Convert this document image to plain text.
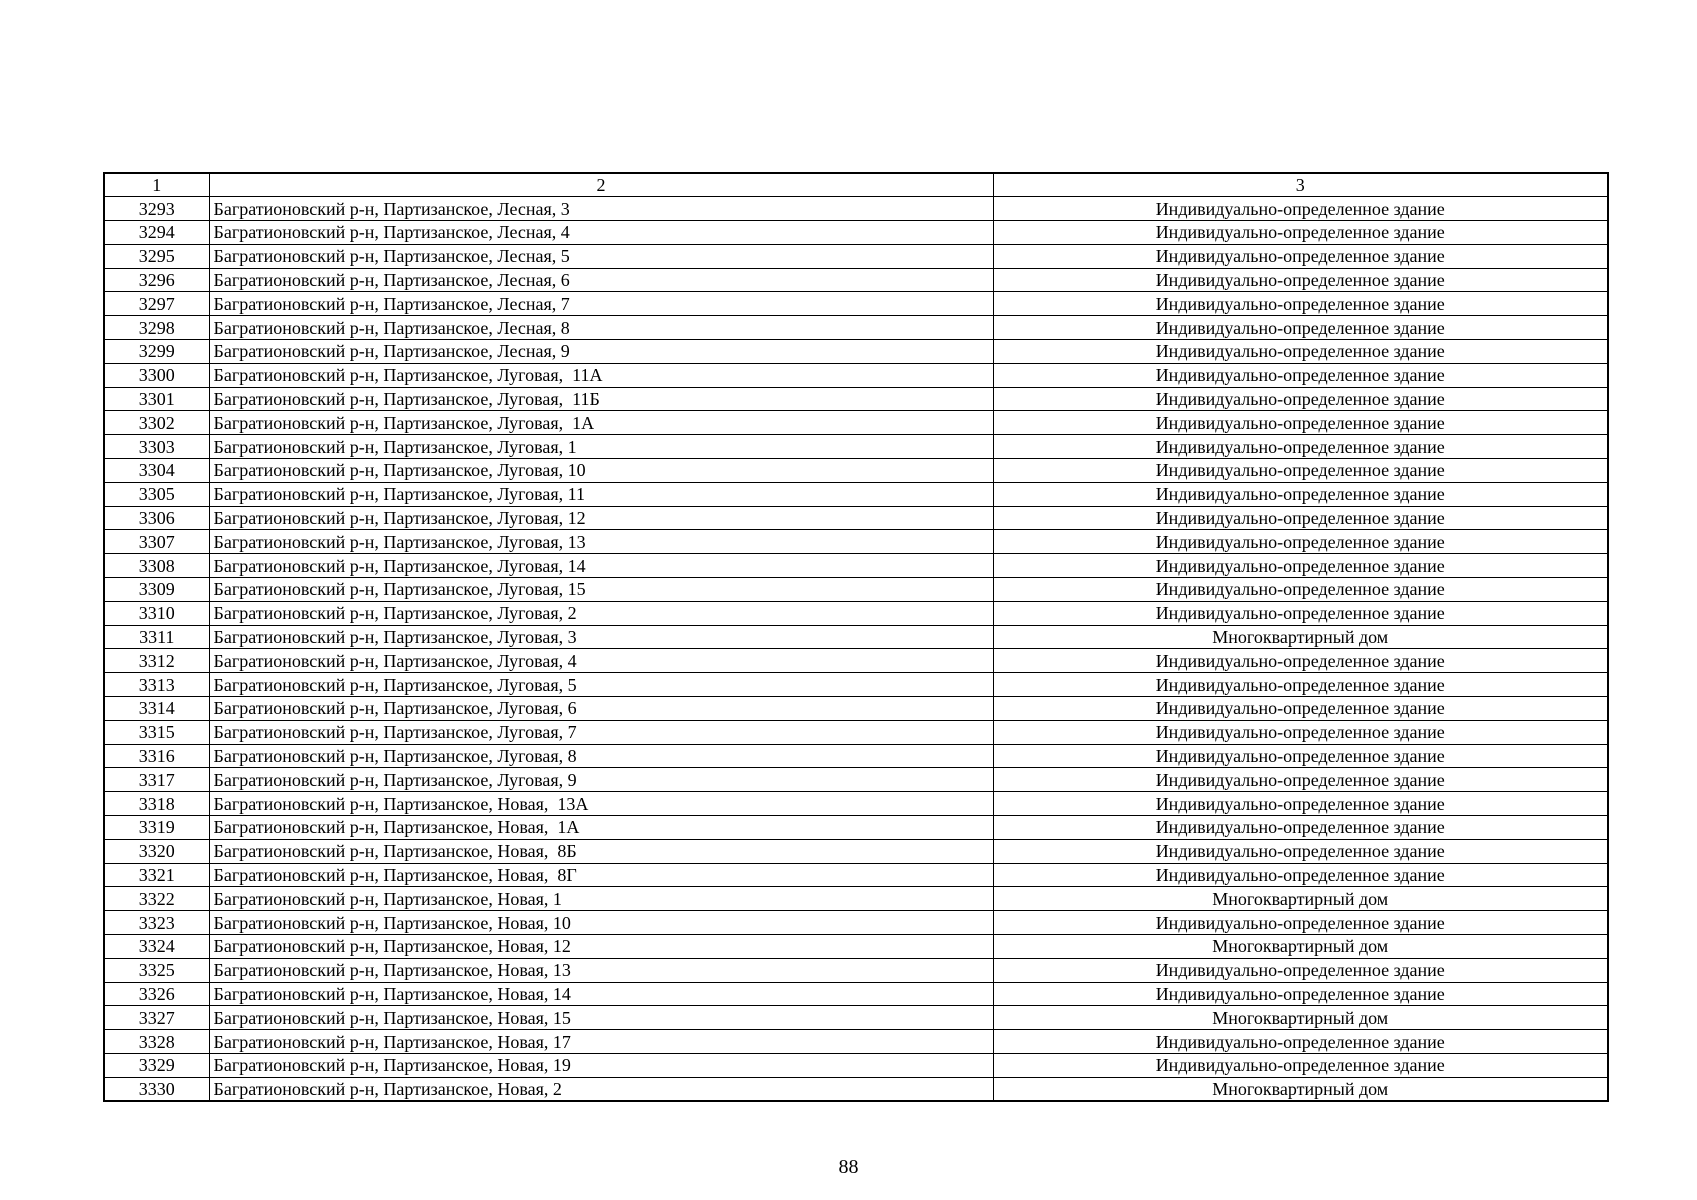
1	2	3
3293	Багратионовский р-н, Партизанское, Лесная, 3	Индивидуально-определенное здание
3294	Багратионовский р-н, Партизанское, Лесная, 4	Индивидуально-определенное здание
3295	Багратионовский р-н, Партизанское, Лесная, 5	Индивидуально-определенное здание
3296	Багратионовский р-н, Партизанское, Лесная, 6	Индивидуально-определенное здание
3297	Багратионовский р-н, Партизанское, Лесная, 7	Индивидуально-определенное здание
3298	Багратионовский р-н, Партизанское, Лесная, 8	Индивидуально-определенное здание
3299	Багратионовский р-н, Партизанское, Лесная, 9	Индивидуально-определенное здание
3300	Багратионовский р-н, Партизанское, Луговая,  11А	Индивидуально-определенное здание
3301	Багратионовский р-н, Партизанское, Луговая,  11Б	Индивидуально-определенное здание
3302	Багратионовский р-н, Партизанское, Луговая,  1А	Индивидуально-определенное здание
3303	Багратионовский р-н, Партизанское, Луговая, 1	Индивидуально-определенное здание
3304	Багратионовский р-н, Партизанское, Луговая, 10	Индивидуально-определенное здание
3305	Багратионовский р-н, Партизанское, Луговая, 11	Индивидуально-определенное здание
3306	Багратионовский р-н, Партизанское, Луговая, 12	Индивидуально-определенное здание
3307	Багратионовский р-н, Партизанское, Луговая, 13	Индивидуально-определенное здание
3308	Багратионовский р-н, Партизанское, Луговая, 14	Индивидуально-определенное здание
3309	Багратионовский р-н, Партизанское, Луговая, 15	Индивидуально-определенное здание
3310	Багратионовский р-н, Партизанское, Луговая, 2	Индивидуально-определенное здание
3311	Багратионовский р-н, Партизанское, Луговая, 3	Многоквартирный дом
3312	Багратионовский р-н, Партизанское, Луговая, 4	Индивидуально-определенное здание
3313	Багратионовский р-н, Партизанское, Луговая, 5	Индивидуально-определенное здание
3314	Багратионовский р-н, Партизанское, Луговая, 6	Индивидуально-определенное здание
3315	Багратионовский р-н, Партизанское, Луговая, 7	Индивидуально-определенное здание
3316	Багратионовский р-н, Партизанское, Луговая, 8	Индивидуально-определенное здание
3317	Багратионовский р-н, Партизанское, Луговая, 9	Индивидуально-определенное здание
3318	Багратионовский р-н, Партизанское, Новая,  13А	Индивидуально-определенное здание
3319	Багратионовский р-н, Партизанское, Новая,  1А	Индивидуально-определенное здание
3320	Багратионовский р-н, Партизанское, Новая,  8Б	Индивидуально-определенное здание
3321	Багратионовский р-н, Партизанское, Новая,  8Г	Индивидуально-определенное здание
3322	Багратионовский р-н, Партизанское, Новая, 1	Многоквартирный дом
3323	Багратионовский р-н, Партизанское, Новая, 10	Индивидуально-определенное здание
3324	Багратионовский р-н, Партизанское, Новая, 12	Многоквартирный дом
3325	Багратионовский р-н, Партизанское, Новая, 13	Индивидуально-определенное здание
3326	Багратионовский р-н, Партизанское, Новая, 14	Индивидуально-определенное здание
3327	Багратионовский р-н, Партизанское, Новая, 15	Многоквартирный дом
3328	Багратионовский р-н, Партизанское, Новая, 17	Индивидуально-определенное здание
3329	Багратионовский р-н, Партизанское, Новая, 19	Индивидуально-определенное здание
3330	Багратионовский р-н, Партизанское, Новая, 2	Многоквартирный дом
88
